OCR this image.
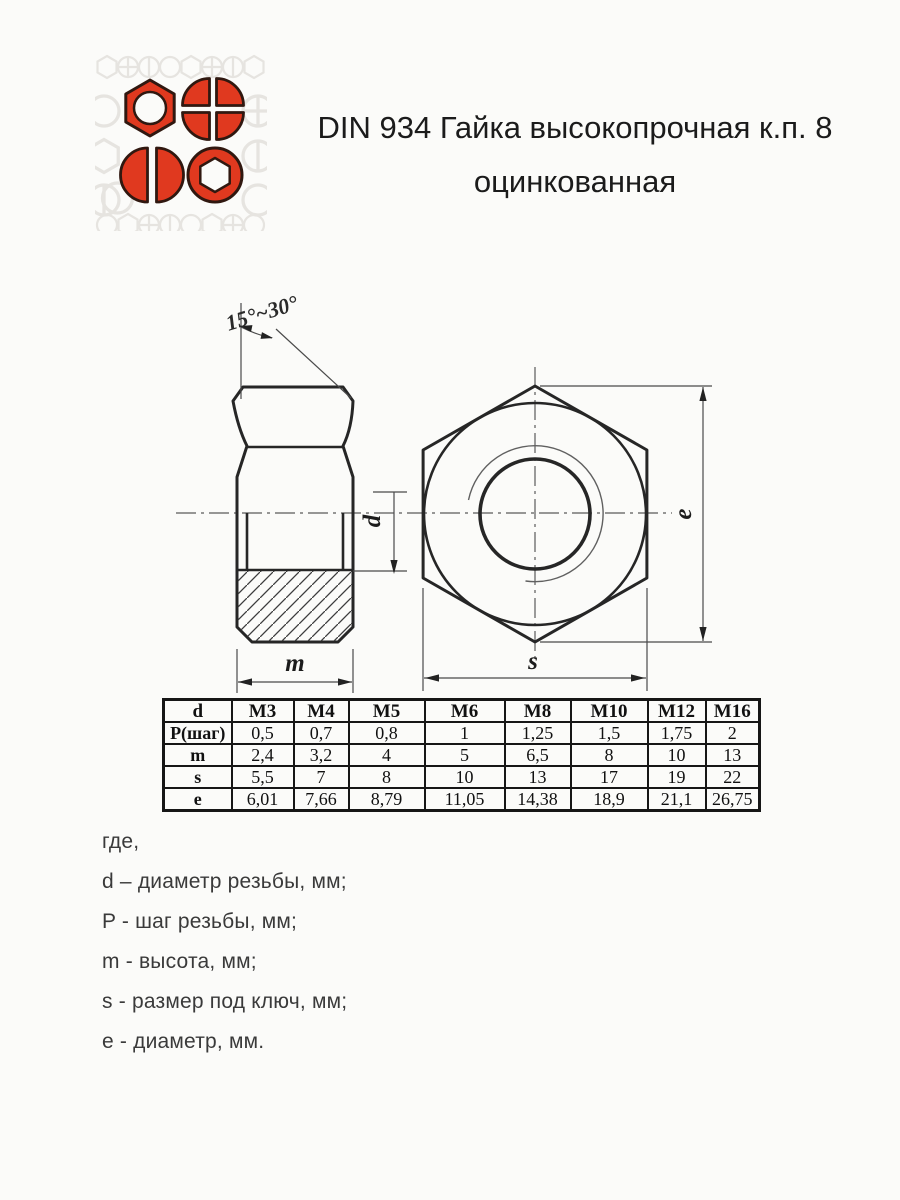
DIN 934 Гайка высокопрочная к.п. 8
оцинкованная
15°~30°
d
m	s
e
d	M3	M4	M5	M6	M8	M10	M12	M16
P(шаг)	0,5	0,7	0,8	1	1,25	1,5	1,75	2
m	2,4	3,2	4	5	6,5	8	10	13
s	5,5	7	8	10	13	17	19	22
e	6,01	7,66	8,79	11,05	14,38	18,9	21,1	26,75

где,

d – диаметр резьбы, мм;

P - шаг резьбы, мм;

m - высота, мм;

s - размер под ключ, мм;

e - диаметр, мм.
